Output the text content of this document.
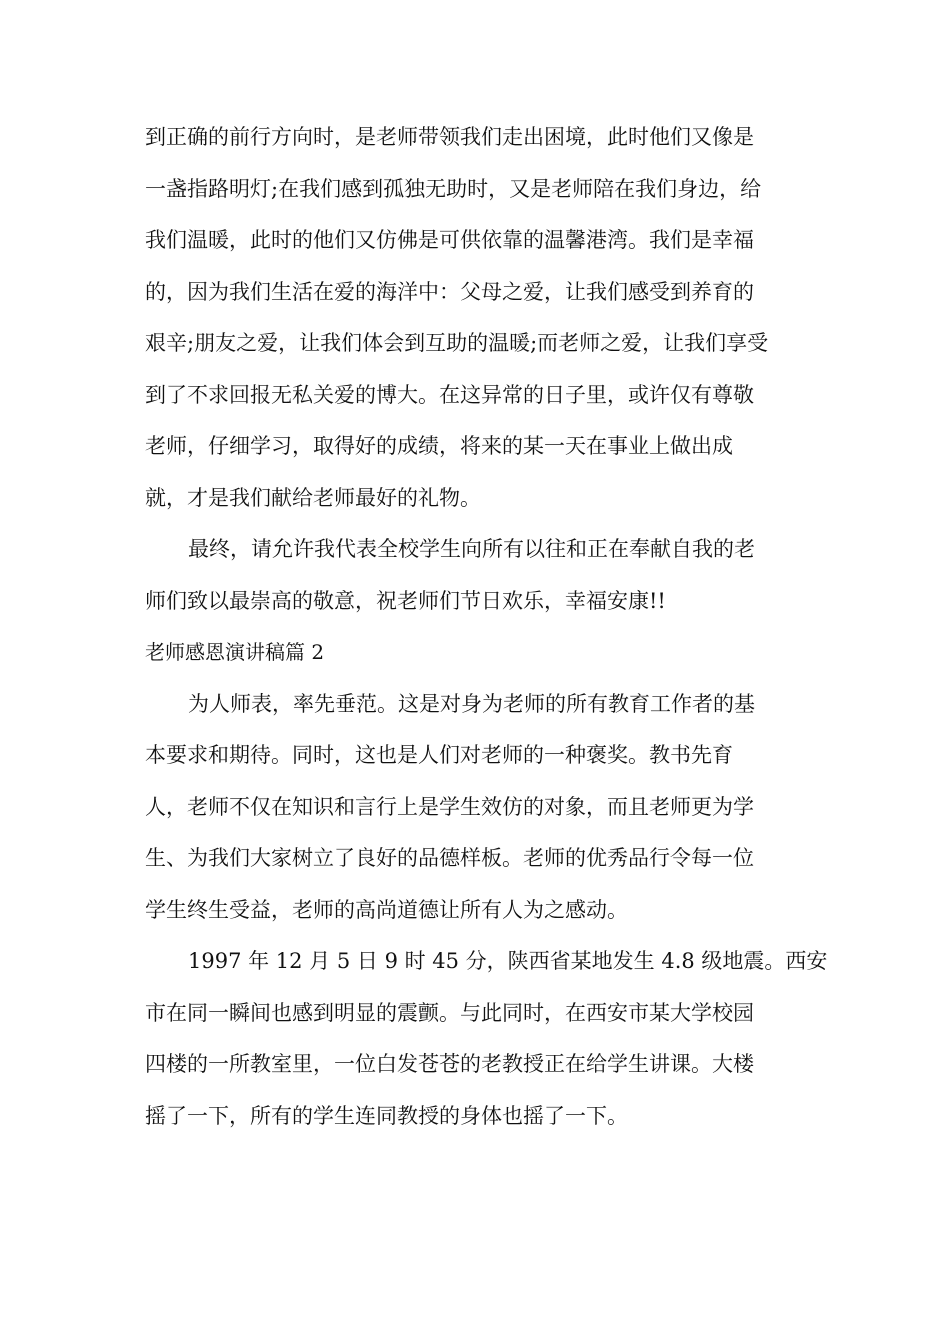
到正确的前行方向时，是老师带领我们走出困境，此时他们又像是
一盏指路明灯;在我们感到孤独无助时，又是老师陪在我们身边，给
我们温暖，此时的他们又仿佛是可供依靠的温馨港湾。我们是幸福
的，因为我们生活在爱的海洋中：父母之爱，让我们感受到养育的
艰辛;朋友之爱，让我们体会到互助的温暖;而老师之爱，让我们享受
到了不求回报无私关爱的博大。在这异常的日子里，或许仅有尊敬
老师，仔细学习，取得好的成绩，将来的某一天在事业上做出成
就，才是我们献给老师最好的礼物。

最终，请允许我代表全校学生向所有以往和正在奉献自我的老
师们致以最崇高的敬意，祝老师们节日欢乐，幸福安康!!

老师感恩演讲稿篇 2

为人师表，率先垂范。这是对身为老师的所有教育工作者的基
本要求和期待。同时，这也是人们对老师的一种褒奖。教书先育
人，老师不仅在知识和言行上是学生效仿的对象，而且老师更为学
生、为我们大家树立了良好的品德样板。老师的优秀品行令每一位
学生终生受益，老师的高尚道德让所有人为之感动。

1997 年 12 月 5 日 9 时 45 分，陕西省某地发生 4.8 级地震。西安
市在同一瞬间也感到明显的震颤。与此同时，在西安市某大学校园
四楼的一所教室里，一位白发苍苍的老教授正在给学生讲课。大楼
摇了一下，所有的学生连同教授的身体也摇了一下。
